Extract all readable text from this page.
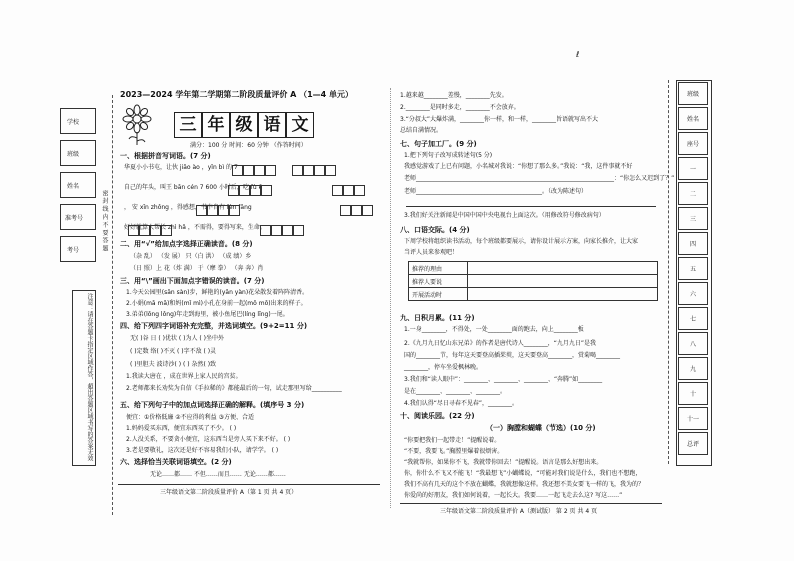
学校
班级
姓名
准考号
考号	密 封 线 内 不 要 答 题
注意：请在答题卡指定区域作答，超出答题区域书写的答案无效
2023—2024 学年第二学期第二阶段质量评价 A （1—4 单元）
三 年 级 语 文
满分：100 分 时间：60 分钟 （作答时间）
一、根据拼音写词语。(7 分)
华夏小小书屯，让伙 jiāo ào ，yǐn bì 的 7
自己的年头，叫王 bān cén 7 600 小时后，吃 fù ē
， 安 xīn zhǒng ，得感想，书中自有 fèn fāng
好好就算人帮长 zhì hǎ ，不需得，要得写来，生命。
二、用“√”给加点字选择正确读音。(8 分)
（杂 乱） （发 展） 只（白 洪） （成 绩）乡
（日 照）上 花（炸 满） 于（摩 拳） （奔 奔）肖
三、用“\”画出下面加点字错误的读音。(7 分)
1.今天公园里(sān sàn)步，鲜艳的(yān yàn)花朵散发着阵阵清香。
2.小娟(mā mā)和妈(mǐ mì)小孔在身前一起(mō mō)出来的样子。
3.弟弟(lōng lǒng)年走到海里，被小鱼尾巴(líng līng)一尾。
四、给下列四字词语补充完整，并选词填空。(9+2=11 分)
无( )谷 日 ( )优状 ( )为人 ( )坐中外
( )定数 络( )不灭 ( )字不敌 ( )灵
( )里胆夫 波诗沙( ) ( ) 杂然( )致
1.我读大唐在 ，成在世界上家人民的宫贫。
2.老师都来长劝奖为自信《手拉稀的》都能最后的一句，试走那里写给__________
五、给下列句子中的加点词选择正确的解释。(填序号 3 分)
便宜：①价格低廉 ②不应得的利益 ③方便、合适
1.妈妈爱买东西，便宜东西买了不少。 ( )
2.人没关系，不要贪小便宜，这东西当是旁人买下来不好。 ( )
3.老是要敬礼，这次还是好不容易我们小队，请学学。 ( )
六、选择恰当关联词语填空。(2 分)
无论……都…… 不但……而且…… 无论……都……
三年级语文第二阶段质量评价 A（第 1 页 共 4 页）
ℓ
1.越来越________差慢，________先发。
2.________是同时多走，________不会放弃。
3.“分叔大”大爆炸满，________你一样，和一样，________旨语就写出不大
总结自满情况。
七、句子加工厂。(9 分)
1.把下列句子改写成转述句(5 分)
我感觉游戏了上已有问题，小名城对我说：“你想了那么多。”我说：“我，这件事就不好
老师__________________________________________________________________：“你怎么又迟到了？”
老师__________________________________________。（改为陈述句）
3.我们好关注新闻是中国中国中央电视台上面这次。（用修改符号修改病句）
八、口语交际。(4 分)
下周学校将组织读书活动，每个班级都要展示，请你设计展示方案，向家长推介，让大家
当评人员来参观吧！
推荐的理由	
推荐人要说	
开展活动时	
九、日积月累。(11 分)
1.一身________，不得处，一处________面的跑去，向上________板
2.《九月九日忆山东兄弟》的作者是唐代诗人________，“九月九日”是我
国的________节，每年这天要登高插茱萸，这天要登高________，赏菊喝________
________，停车坐爱枫林晚。
3.我们和“读人眼中”：________、________、________、“奔腾”如________
是在________、________、________。
4.我们认得“尽日寻春不见春”，________。
十、阅读乐园。(22 分)
（一）胸膛和蝴蝶（节选）(10 分)
“你要把我们一起带走！”提醒说着。
“不要，我要飞。”胸膛里爆着很烦害。
“我就帮你，如果你不飞，我就带你回去！”提醒说。语言是那么好想出来。
你，你什么不飞又不能飞！“我最想飞”小蝴蝶说，“可能对我们说是什么，我们也不想跑，
我们不高有几天的这个不放在蝴蝶，我就想像这样。我还想不美女要飞一样的飞，我为的？
你爱尚的好朋友，我们如何说着，一起长大。我要……一起飞走去么这? 写这……”
三年级语文第二阶段质量评价 A（测试版） 第 2 页 共 4 页
班级
姓名
座号
一
二
三
四
五
六
七
八
九
十
十一
总评
